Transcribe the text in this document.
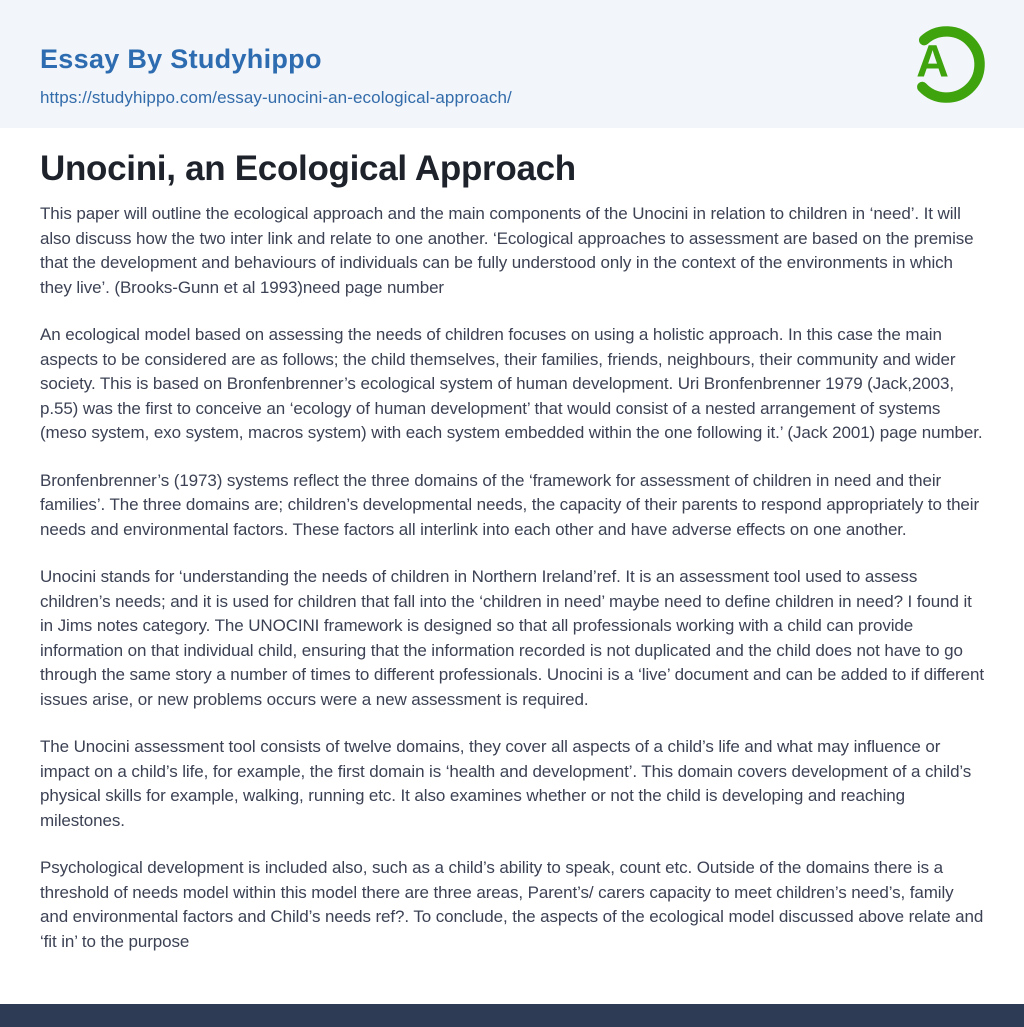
Essay By Studyhippo
https://studyhippo.com/essay-unocini-an-ecological-approach/
A
Unocini, an Ecological Approach

This paper will outline the ecological approach and the main components of the Unocini in relation to children in ‘need’. It will also discuss how the two inter link and relate to one another. ‘Ecological approaches to assessment are based on the premise that the development and behaviours of individuals can be fully understood only in the context of the environments in which they live’. (Brooks-Gunn et al 1993)need page number

An ecological model based on assessing the needs of children focuses on using a holistic approach. In this case the main aspects to be considered are as follows; the child themselves, their families, friends, neighbours, their community and wider society. This is based on Bronfenbrenner’s ecological system of human development. Uri Bronfenbrenner 1979 (Jack,2003, p.55) was the first to conceive an ‘ecology of human development’ that would consist of a nested arrangement of systems (meso system, exo system, macros system) with each system embedded within the one following it.’ (Jack 2001) page number.

Bronfenbrenner’s (1973) systems reflect the three domains of the ‘framework for assessment of children in need and their families’. The three domains are; children’s developmental needs, the capacity of their parents to respond appropriately to their needs and environmental factors. These factors all interlink into each other and have adverse effects on one another.

Unocini stands for ‘understanding the needs of children in Northern Ireland’ref. It is an assessment tool used to assess children’s needs; and it is used for children that fall into the ‘children in need’ maybe need to define children in need? I found it in Jims notes category. The UNOCINI framework is designed so that all professionals working with a child can provide information on that individual child, ensuring that the information recorded is not duplicated and the child does not have to go through the same story a number of times to different professionals. Unocini is a ‘live’ document and can be added to if different issues arise, or new problems occurs were a new assessment is required.

The Unocini assessment tool consists of twelve domains, they cover all aspects of a child’s life and what may influence or impact on a child’s life, for example, the first domain is ‘health and development’. This domain covers development of a child’s physical skills for example, walking, running etc. It also examines whether or not the child is developing and reaching milestones.

Psychological development is included also, such as a child’s ability to speak, count etc. Outside of the domains there is a threshold of needs model within this model there are three areas, Parent’s/ carers capacity to meet children’s need’s, family and environmental factors and Child’s needs ref?. To conclude, the aspects of the ecological model discussed above relate and ‘fit in’ to the purpose
